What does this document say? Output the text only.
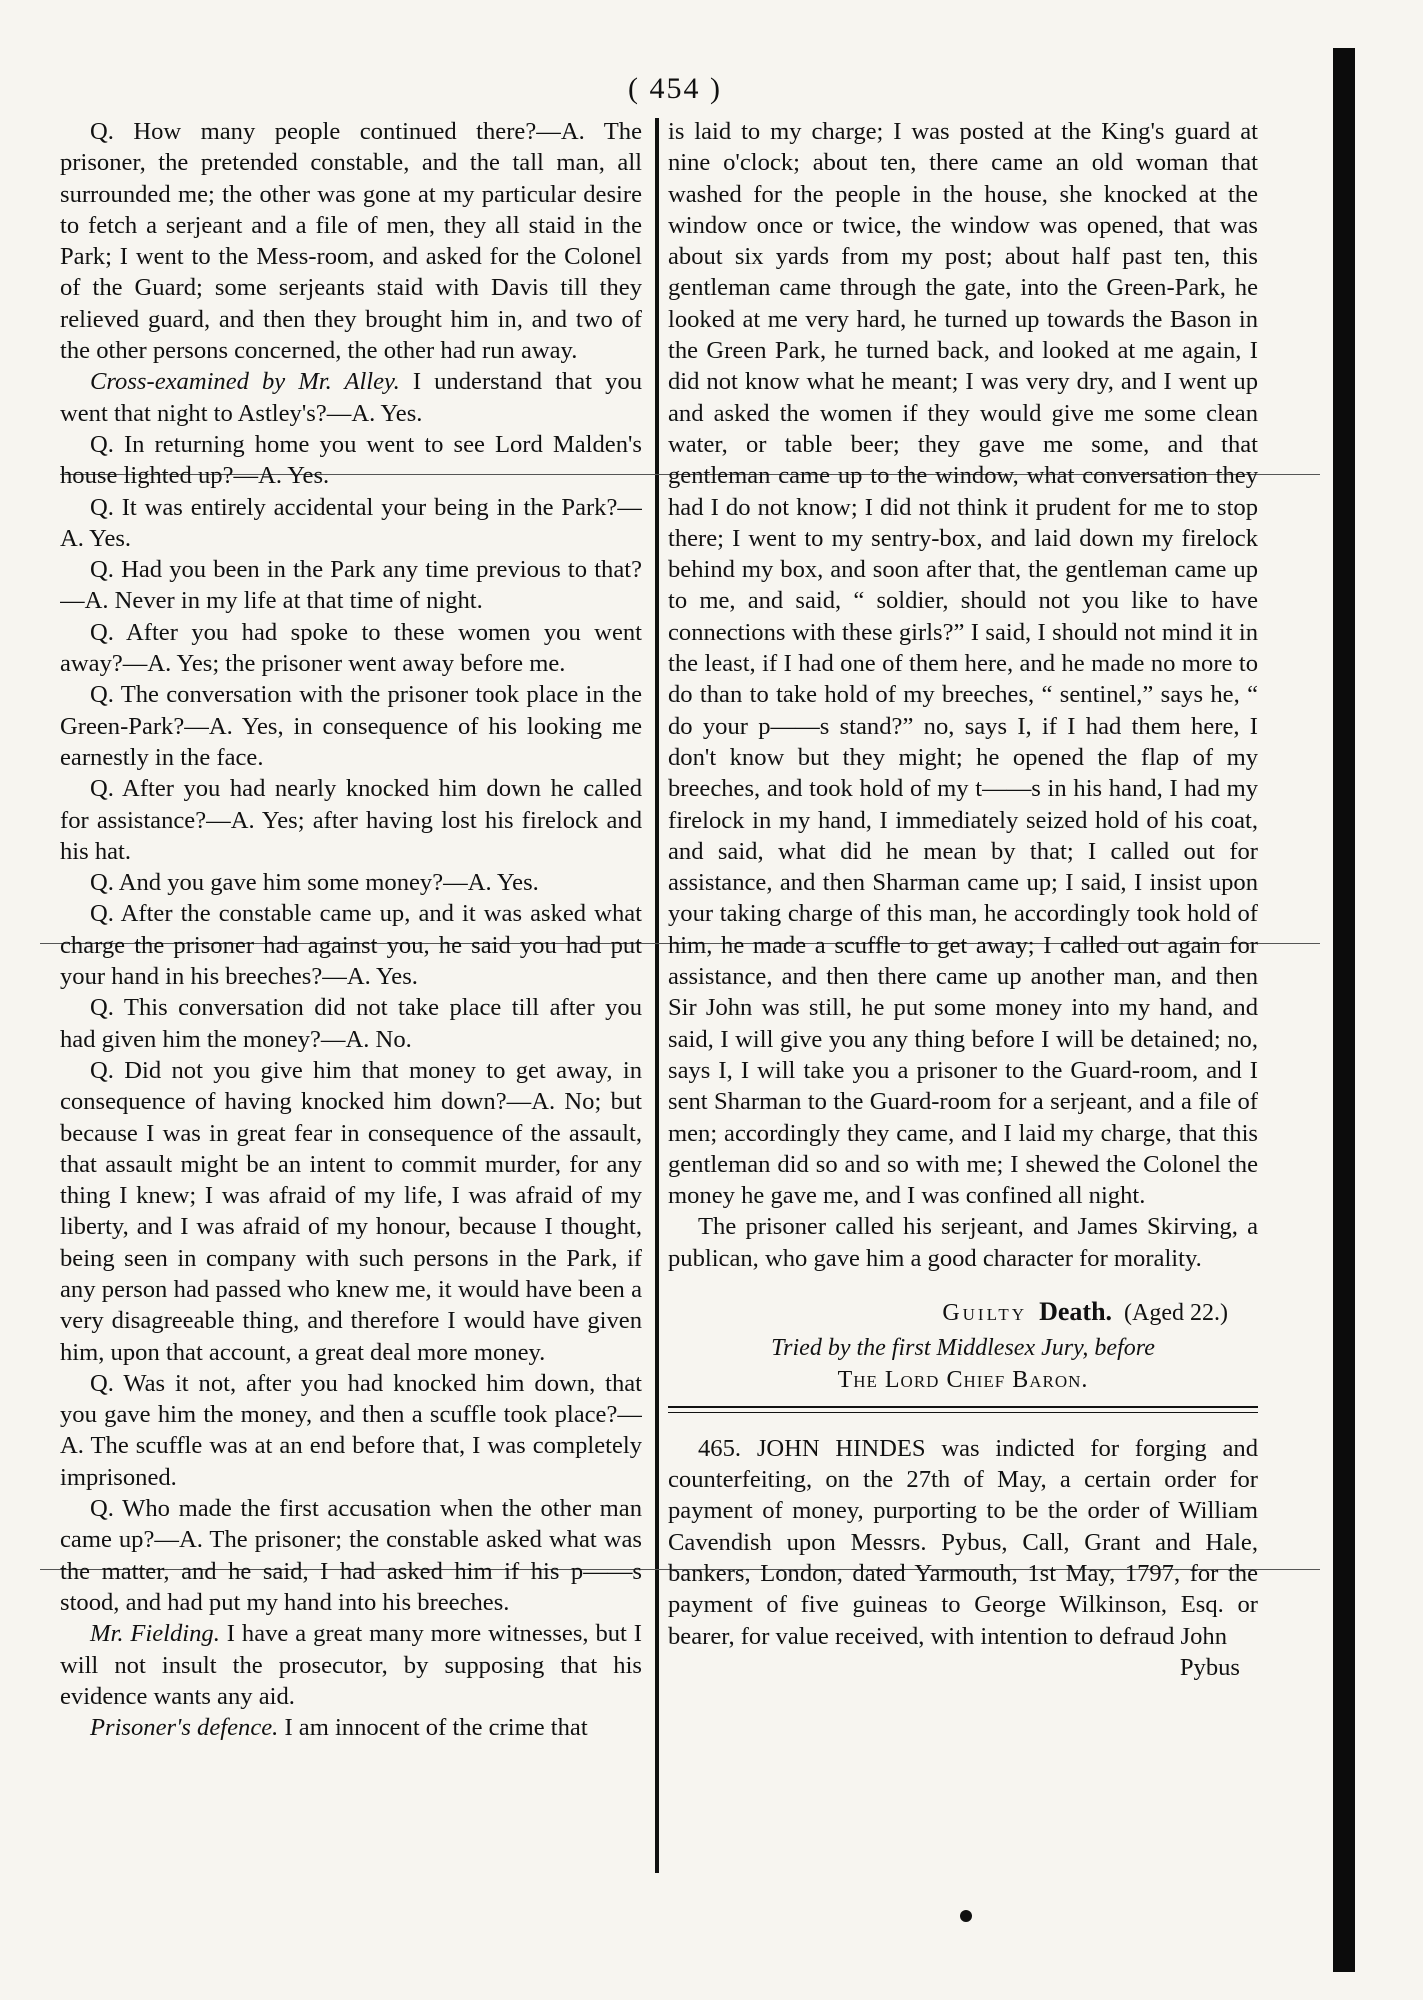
( 454 )

Q. How many people continued there?—A. The prisoner, the pretended constable, and the tall man, all surrounded me; the other was gone at my particular desire to fetch a serjeant and a file of men, they all staid in the Park; I went to the Mess-room, and asked for the Colonel of the Guard; some serjeants staid with Davis till they relieved guard, and then they brought him in, and two of the other persons concerned, the other had run away.

Cross-examined by Mr. Alley. I understand that you went that night to Astley's?—A. Yes.

Q. In returning home you went to see Lord Malden's house lighted up?—A. Yes.

Q. It was entirely accidental your being in the Park?—A. Yes.

Q. Had you been in the Park any time previous to that?—A. Never in my life at that time of night.

Q. After you had spoke to these women you went away?—A. Yes; the prisoner went away before me.

Q. The conversation with the prisoner took place in the Green-Park?—A. Yes, in consequence of his looking me earnestly in the face.

Q. After you had nearly knocked him down he called for assistance?—A. Yes; after having lost his firelock and his hat.

Q. And you gave him some money?—A. Yes.

Q. After the constable came up, and it was asked what charge the prisoner had against you, he said you had put your hand in his breeches?—A. Yes.

Q. This conversation did not take place till after you had given him the money?—A. No.

Q. Did not you give him that money to get away, in consequence of having knocked him down?—A. No; but because I was in great fear in consequence of the assault, that assault might be an intent to commit murder, for any thing I knew; I was afraid of my life, I was afraid of my liberty, and I was afraid of my honour, because I thought, being seen in company with such persons in the Park, if any person had passed who knew me, it would have been a very disagreeable thing, and therefore I would have given him, upon that account, a great deal more money.

Q. Was it not, after you had knocked him down, that you gave him the money, and then a scuffle took place?—A. The scuffle was at an end before that, I was completely imprisoned.

Q. Who made the first accusation when the other man came up?—A. The prisoner; the constable asked what was the matter, and he said, I had asked him if his p——s stood, and had put my hand into his breeches.

Mr. Fielding. I have a great many more witnesses, but I will not insult the prosecutor, by supposing that his evidence wants any aid.

Prisoner's defence. I am innocent of the crime that

is laid to my charge; I was posted at the King's guard at nine o'clock; about ten, there came an old woman that washed for the people in the house, she knocked at the window once or twice, the window was opened, that was about six yards from my post; about half past ten, this gentleman came through the gate, into the Green-Park, he looked at me very hard, he turned up towards the Bason in the Green Park, he turned back, and looked at me again, I did not know what he meant; I was very dry, and I went up and asked the women if they would give me some clean water, or table beer; they gave me some, and that gentleman came up to the window, what conversation they had I do not know; I did not think it prudent for me to stop there; I went to my sentry-box, and laid down my firelock behind my box, and soon after that, the gentleman came up to me, and said, “ soldier, should not you like to have connections with these girls?” I said, I should not mind it in the least, if I had one of them here, and he made no more to do than to take hold of my breeches, “ sentinel,” says he, “ do your p——s stand?” no, says I, if I had them here, I don't know but they might; he opened the flap of my breeches, and took hold of my t——s in his hand, I had my firelock in my hand, I immediately seized hold of his coat, and said, what did he mean by that; I called out for assistance, and then Sharman came up; I said, I insist upon your taking charge of this man, he accordingly took hold of him, he made a scuffle to get away; I called out again for assistance, and then there came up another man, and then Sir John was still, he put some money into my hand, and said, I will give you any thing before I will be detained; no, says I, I will take you a prisoner to the Guard-room, and I sent Sharman to the Guard-room for a serjeant, and a file of men; accordingly they came, and I laid my charge, that this gentleman did so and so with me; I shewed the Colonel the money he gave me, and I was confined all night.

The prisoner called his serjeant, and James Skirving, a publican, who gave him a good character for morality.

Guilty Death. (Aged 22.)

Tried by the first Middlesex Jury, before

The Lord Chief Baron.

465. JOHN HINDES was indicted for forging and counterfeiting, on the 27th of May, a certain order for payment of money, purporting to be the order of William Cavendish upon Messrs. Pybus, Call, Grant and Hale, bankers, London, dated Yarmouth, 1st May, 1797, for the payment of five guineas to George Wilkinson, Esq. or bearer, for value received, with intention to defraud John

Pybus
